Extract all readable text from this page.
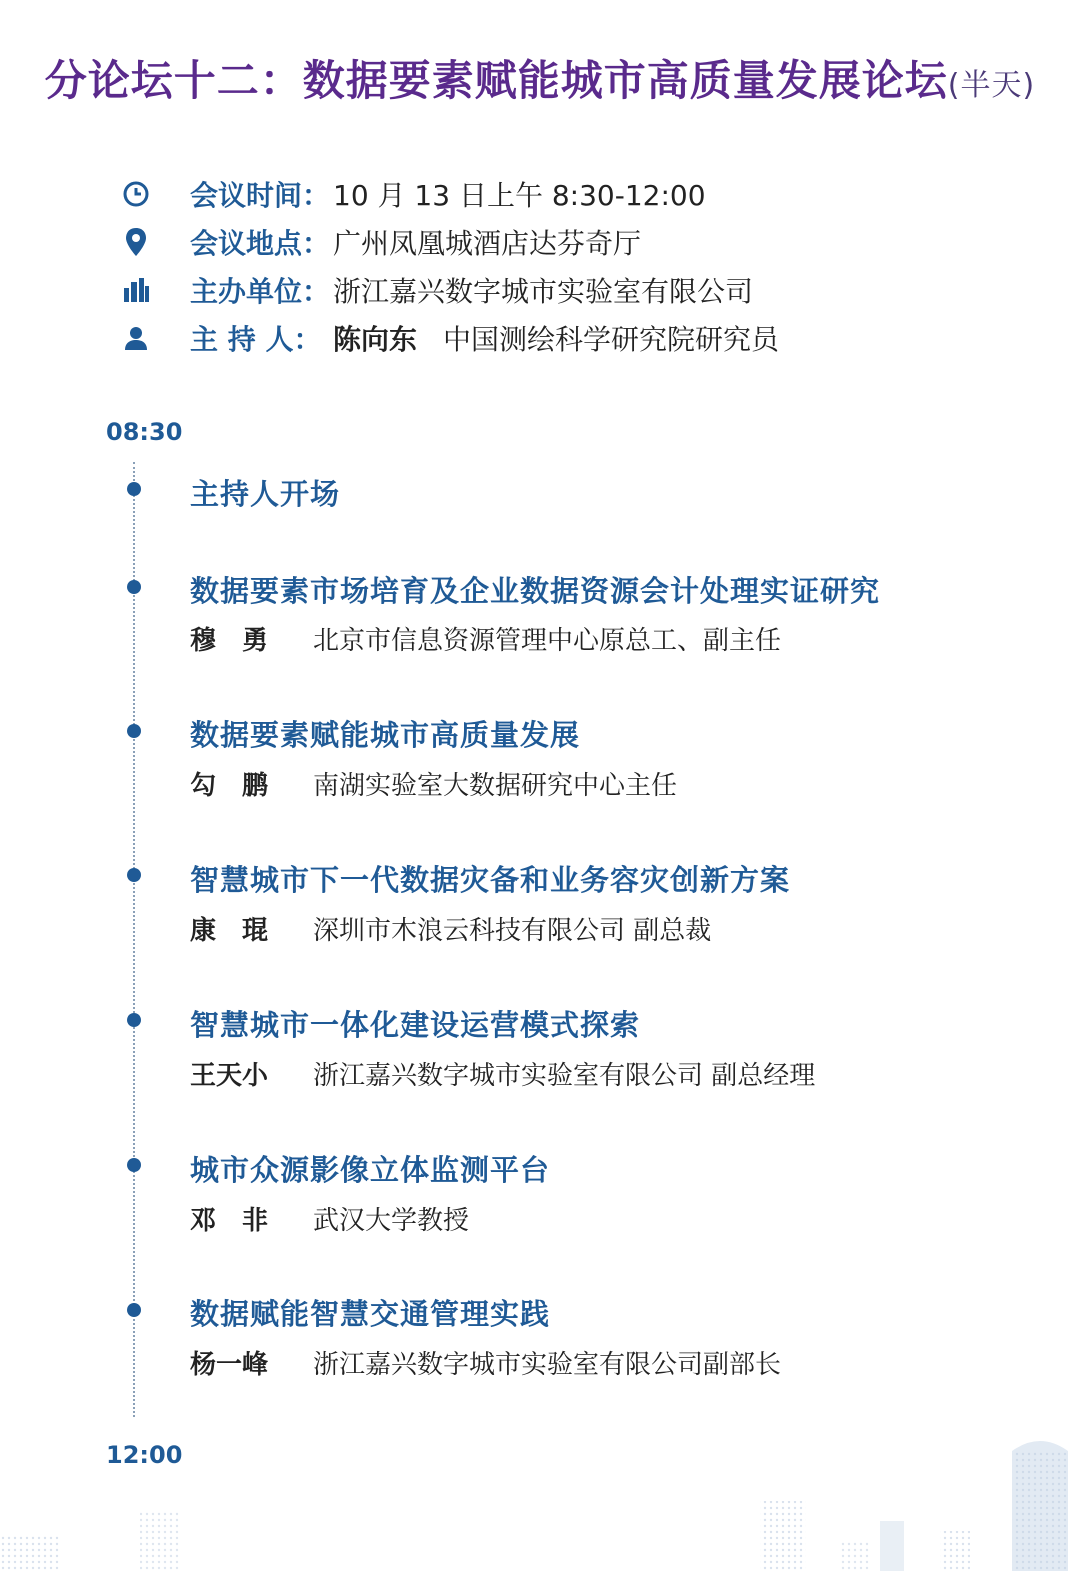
分论坛十二：数据要素赋能城市高质量发展论坛(半天)
会议时间： 10 月 13 日上午 8:30-12:00
会议地点： 广州凤凰城酒店达芬奇厅
主办单位： 浙江嘉兴数字城市实验室有限公司
主 持 人： 陈向东 中国测绘科学研究院研究员
08:30
12:00
主持人开场
数据要素市场培育及企业数据资源会计处理实证研究
穆　勇	北京市信息资源管理中心原总工、副主任
数据要素赋能城市高质量发展
勾　鹏	南湖实验室大数据研究中心主任
智慧城市下一代数据灾备和业务容灾创新方案
康　琨	深圳市木浪云科技有限公司 副总裁
智慧城市一体化建设运营模式探索
王天小	浙江嘉兴数字城市实验室有限公司 副总经理
城市众源影像立体监测平台
邓　非	武汉大学教授
数据赋能智慧交通管理实践
杨一峰	浙江嘉兴数字城市实验室有限公司副部长
